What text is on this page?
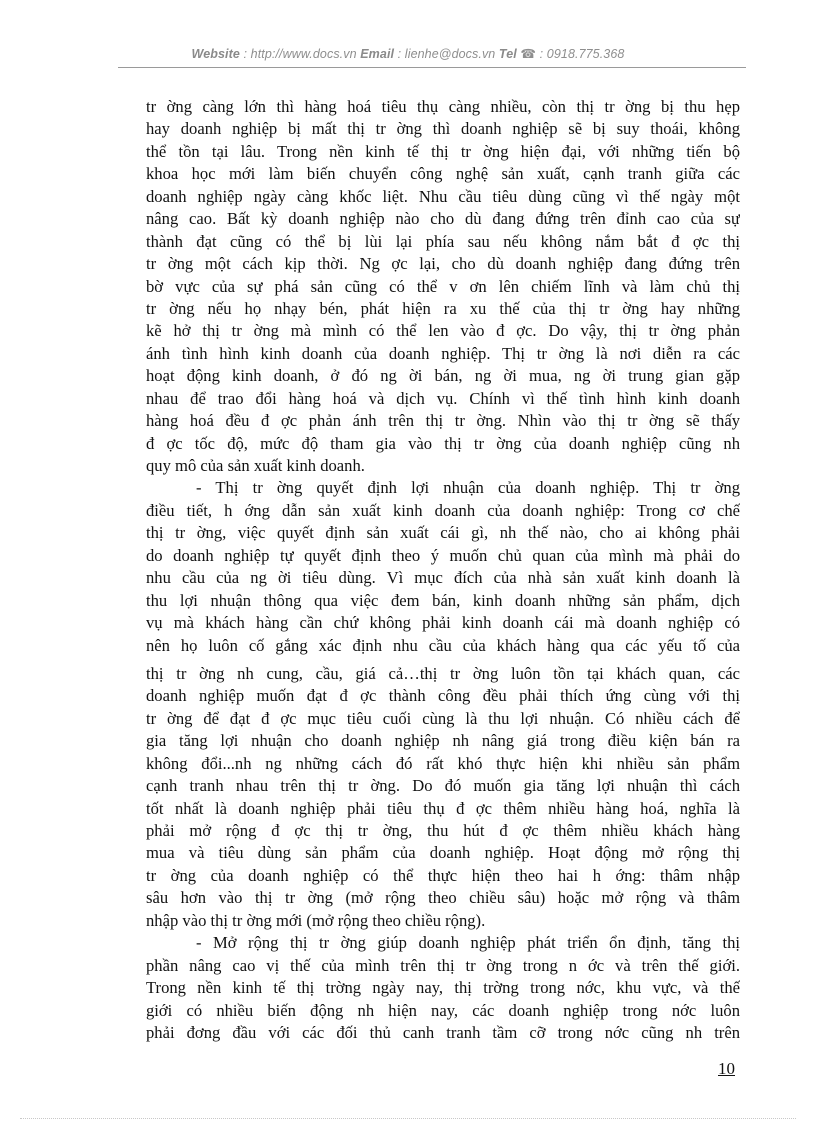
Website : http://www.docs.vn Email : lienhe@docs.vn Tel ☎ : 0918.775.368
tr ờng càng lớn thì hàng hoá tiêu thụ càng nhiều, còn thị tr ờng bị thu hẹp
hay doanh nghiệp bị mất thị tr ờng thì doanh nghiệp sẽ bị suy thoái, không
thể tồn tại lâu. Trong nền kinh tế thị tr ờng hiện đại, với những tiến bộ
khoa học mới làm biến chuyển công nghệ sản xuất, cạnh tranh giữa các
doanh nghiệp ngày càng khốc liệt. Nhu cầu tiêu dùng cũng vì thế ngày một
nâng cao. Bất kỳ doanh nghiệp nào cho dù đang đứng trên đỉnh cao của sự
thành đạt cũng có thể bị lùi lại phía sau nếu không nắm bắt đ ợc thị
tr ờng một cách kịp thời. Ng ợc lại, cho dù doanh nghiệp đang đứng trên
bờ vực của sự phá sản cũng có thể v ơn lên chiếm lĩnh và làm chủ thị
tr ờng nếu họ nhạy bén, phát hiện ra xu thế của thị tr ờng hay những
kẽ hở thị tr ờng mà mình có thể len vào đ ợc. Do vậy, thị tr ờng phản
ánh tình hình kinh doanh của doanh nghiệp. Thị tr ờng là nơi diễn ra các
hoạt động kinh doanh, ở đó ng ời bán, ng ời mua, ng ời trung gian gặp
nhau để trao đổi hàng hoá và dịch vụ. Chính vì thế tình hình kinh doanh
hàng hoá đều đ ợc phản ánh trên thị tr ờng. Nhìn vào thị tr ờng sẽ thấy
đ ợc tốc độ, mức độ tham gia vào thị tr ờng của doanh nghiệp cũng nh
quy mô của sản xuất kinh doanh.
- Thị tr ờng quyết định lợi nhuận của doanh nghiệp. Thị tr ờng
điều tiết, h ớng dẫn sản xuất kinh doanh của doanh nghiệp: Trong cơ chế
thị tr ờng, việc quyết định sản xuất cái gì, nh thế nào, cho ai không phải
do doanh nghiệp tự quyết định theo ý muốn chủ quan của mình mà phải do
nhu cầu của ng ời tiêu dùng. Vì mục đích của nhà sản xuất kinh doanh là
thu lợi nhuận thông qua việc đem bán, kinh doanh những sản phẩm, dịch
vụ mà khách hàng cần chứ không phải kinh doanh cái mà doanh nghiệp có
nên họ luôn cố gắng xác định nhu cầu của khách hàng qua các yếu tố của
thị tr ờng nh cung, cầu, giá cả…thị tr ờng luôn tồn tại khách quan, các
doanh nghiệp muốn đạt đ ợc thành công đều phải thích ứng cùng với thị
tr ờng để đạt đ ợc mục tiêu cuối cùng là thu lợi nhuận. Có nhiều cách để
gia tăng lợi nhuận cho doanh nghiệp nh nâng giá trong điều kiện bán ra
không đổi...nh ng những cách đó rất khó thực hiện khi nhiều sản phẩm
cạnh tranh nhau trên thị tr ờng. Do đó muốn gia tăng lợi nhuận thì cách
tốt nhất là doanh nghiệp phải tiêu thụ đ ợc thêm nhiều hàng hoá, nghĩa là
phải mở rộng đ ợc thị tr ờng, thu hút đ ợc thêm nhiều khách hàng
mua và tiêu dùng sản phẩm của doanh nghiệp. Hoạt động mở rộng thị
tr ờng của doanh nghiệp có thể thực hiện theo hai h ớng: thâm nhập
sâu hơn vào thị tr ờng (mở rộng theo chiều sâu) hoặc mở rộng và thâm
nhập vào thị tr ờng mới (mở rộng theo chiều rộng).
- Mở rộng thị tr ờng giúp doanh nghiệp phát triển ổn định, tăng thị
phần nâng cao vị thế của mình trên thị tr ờng trong n ớc và trên thế giới.
Trong nền kinh tế thị trờng ngày nay, thị trờng trong nớc, khu vực, và thế
giới có nhiều biến động nh hiện nay, các doanh nghiệp trong nớc luôn
phải đơng đầu với các đối thủ canh tranh tầm cỡ trong nớc cũng nh trên
10
